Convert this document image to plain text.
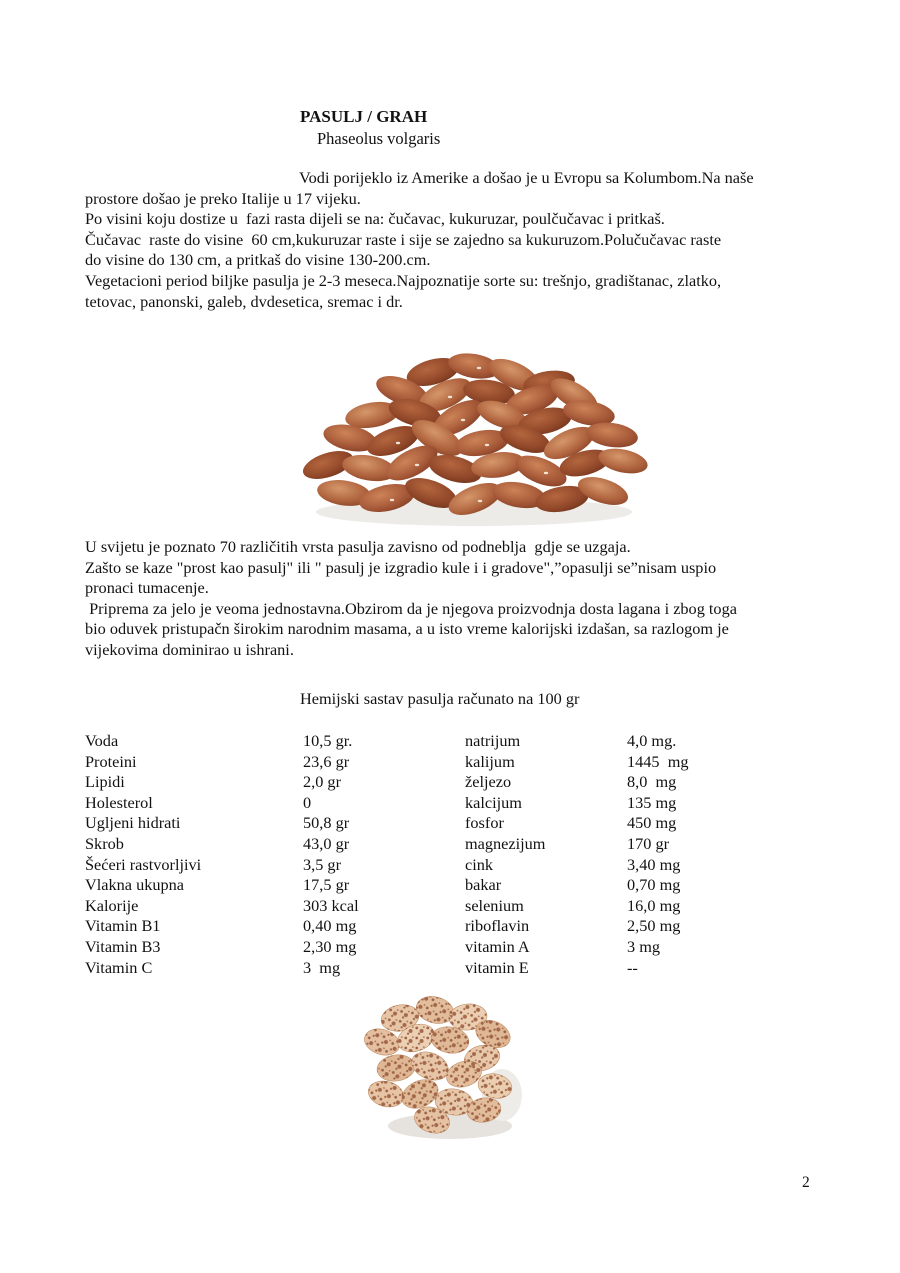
PASULJ / GRAH
Phaseolus volgaris
Vodi porijeklo iz Amerike a došao je u Evropu sa Kolumbom.Na naše
prostore došao je preko Italije u 17 vijeku.
Po visini koju dostize u  fazi rasta dijeli se na: čučavac, kukuruzar, poulčučavac i pritkaš.
Čučavac  raste do visine  60 cm,kukuruzar raste i sije se zajedno sa kukuruzom.Polučučavac raste
do visine do 130 cm, a pritkaš do visine 130-200.cm.
Vegetacioni period biljke pasulja je 2-3 meseca.Najpoznatije sorte su: trešnjo, gradištanac, zlatko,
tetovac, panonski, galeb, dvdesetica, sremac i dr.
U svijetu je poznato 70 različitih vrsta pasulja zavisno od podneblja  gdje se uzgaja.
Zašto se kaze "prost kao pasulj" ili " pasulj je izgradio kule i i gradove",”opasulji se”nisam uspio
pronaci tumacenje.
Priprema za jelo je veoma jednostavna.Obzirom da je njegova proizvodnja dosta lagana i zbog toga
bio oduvek pristupačn širokim narodnim masama, a u isto vreme kalorijski izdašan, sa razlogom je
vijekovima dominirao u ishrani.
Hemijski sastav pasulja računato na 100 gr
Voda	10,5 gr.	natrijum	4,0 mg.
Proteini	23,6 gr	kalijum	1445  mg
Lipidi	2,0 gr	željezo	8,0  mg
Holesterol	0	kalcijum	135 mg
Ugljeni hidrati	50,8 gr	fosfor	450 mg
Skrob	43,0 gr	magnezijum	170 gr
Šećeri rastvorljivi	3,5 gr	cink	3,40 mg
Vlakna ukupna	17,5 gr	bakar	0,70 mg
Kalorije	303 kcal	selenium	16,0 mg
Vitamin B1	0,40 mg	riboflavin	2,50 mg
Vitamin B3	2,30 mg	vitamin A	3 mg
Vitamin C	3  mg	vitamin E	--
2
